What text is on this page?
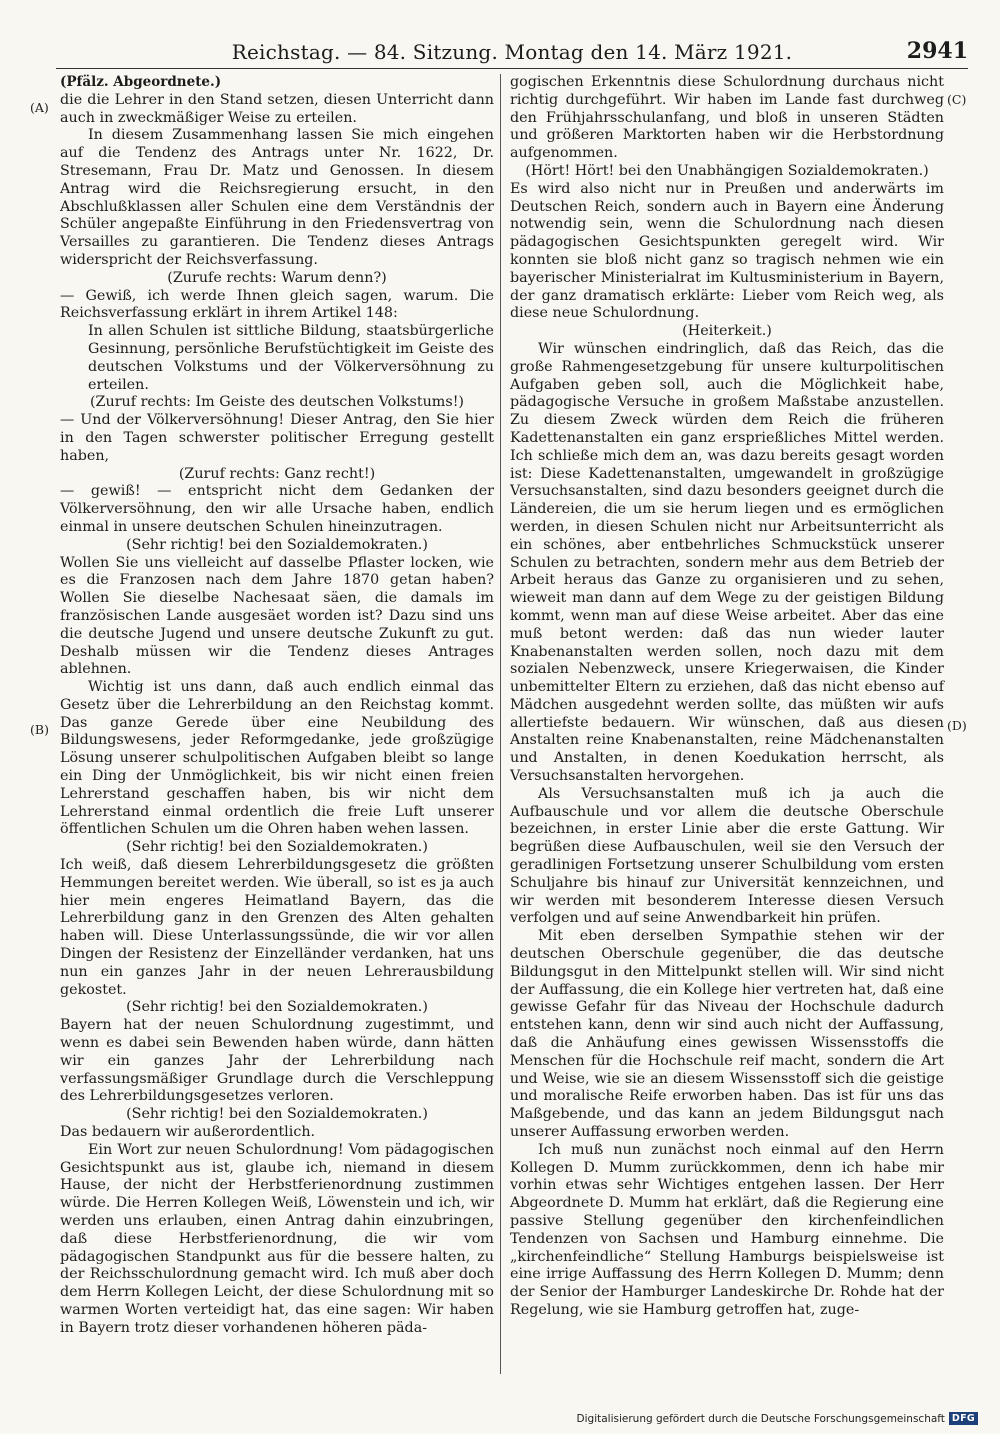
Reichstag. — 84. Sitzung. Montag den 14. März 1921.	2941
(A)
(B)
(C)
(D)

(Pfälz. Abgeordnete.)

die die Lehrer in den Stand setzen, diesen Unterricht dann auch in zweckmäßiger Weise zu erteilen.

In diesem Zusammenhang lassen Sie mich eingehen auf die Tendenz des Antrags unter Nr. 1622, Dr. Stresemann, Frau Dr. Matz und Genossen. In diesem Antrag wird die Reichsregierung ersucht, in den Abschlußklassen aller Schulen eine dem Verständnis der Schüler angepaßte Einführung in den Friedensvertrag von Versailles zu garantieren. Die Tendenz dieses Antrags widerspricht der Reichsverfassung.

(Zurufe rechts: Warum denn?)

— Gewiß, ich werde Ihnen gleich sagen, warum. Die Reichsverfassung erklärt in ihrem Artikel 148:

In allen Schulen ist sittliche Bildung, staatsbürgerliche Gesinnung, persönliche Berufstüchtigkeit im Geiste des deutschen Volkstums und der Völkerversöhnung zu erteilen.

(Zuruf rechts: Im Geiste des deutschen Volkstums!)

— Und der Völkerversöhnung! Dieser Antrag, den Sie hier in den Tagen schwerster politischer Erregung gestellt haben,

(Zuruf rechts: Ganz recht!)

— gewiß! — entspricht nicht dem Gedanken der Völkerversöhnung, den wir alle Ursache haben, endlich einmal in unsere deutschen Schulen hineinzutragen.

(Sehr richtig! bei den Sozialdemokraten.)

Wollen Sie uns vielleicht auf dasselbe Pflaster locken, wie es die Franzosen nach dem Jahre 1870 getan haben? Wollen Sie dieselbe Nachesaat säen, die damals im französischen Lande ausgesäet worden ist? Dazu sind uns die deutsche Jugend und unsere deutsche Zukunft zu gut. Deshalb müssen wir die Tendenz dieses Antrages ablehnen.

Wichtig ist uns dann, daß auch endlich einmal das Gesetz über die Lehrerbildung an den Reichstag kommt. Das ganze Gerede über eine Neubildung des Bildungswesens, jeder Reformgedanke, jede großzügige Lösung unserer schulpolitischen Aufgaben bleibt so lange ein Ding der Unmöglichkeit, bis wir nicht einen freien Lehrerstand geschaffen haben, bis wir nicht dem Lehrerstand einmal ordentlich die freie Luft unserer öffentlichen Schulen um die Ohren haben wehen lassen.

(Sehr richtig! bei den Sozialdemokraten.)

Ich weiß, daß diesem Lehrerbildungsgesetz die größten Hemmungen bereitet werden. Wie überall, so ist es ja auch hier mein engeres Heimatland Bayern, das die Lehrerbildung ganz in den Grenzen des Alten gehalten haben will. Diese Unterlassungssünde, die wir vor allen Dingen der Resistenz der Einzelländer verdanken, hat uns nun ein ganzes Jahr in der neuen Lehrerausbildung gekostet.

(Sehr richtig! bei den Sozialdemokraten.)

Bayern hat der neuen Schulordnung zugestimmt, und wenn es dabei sein Bewenden haben würde, dann hätten wir ein ganzes Jahr der Lehrerbildung nach verfassungsmäßiger Grundlage durch die Verschleppung des Lehrerbildungsgesetzes verloren.

(Sehr richtig! bei den Sozialdemokraten.)

Das bedauern wir außerordentlich.

Ein Wort zur neuen Schulordnung! Vom pädagogischen Gesichtspunkt aus ist, glaube ich, niemand in diesem Hause, der nicht der Herbstferienordnung zustimmen würde. Die Herren Kollegen Weiß, Löwenstein und ich, wir werden uns erlauben, einen Antrag dahin einzubringen, daß diese Herbstferienordnung, die wir vom pädagogischen Standpunkt aus für die bessere halten, zu der Reichsschulordnung gemacht wird. Ich muß aber doch dem Herrn Kollegen Leicht, der diese Schulordnung mit so warmen Worten verteidigt hat, das eine sagen: Wir haben in Bayern trotz dieser vorhandenen höheren päda-

gogischen Erkenntnis diese Schulordnung durchaus nicht richtig durchgeführt. Wir haben im Lande fast durchweg den Frühjahrsschulanfang, und bloß in unseren Städten und größeren Marktorten haben wir die Herbstordnung aufgenommen.

(Hört! Hört! bei den Unabhängigen Sozialdemokraten.)

Es wird also nicht nur in Preußen und anderwärts im Deutschen Reich, sondern auch in Bayern eine Änderung notwendig sein, wenn die Schulordnung nach diesen pädagogischen Gesichtspunkten geregelt wird. Wir konnten sie bloß nicht ganz so tragisch nehmen wie ein bayerischer Ministerialrat im Kultusministerium in Bayern, der ganz dramatisch erklärte: Lieber vom Reich weg, als diese neue Schulordnung.

(Heiterkeit.)

Wir wünschen eindringlich, daß das Reich, das die große Rahmengesetzgebung für unsere kulturpolitischen Aufgaben geben soll, auch die Möglichkeit habe, pädagogische Versuche in großem Maßstabe anzustellen. Zu diesem Zweck würden dem Reich die früheren Kadettenanstalten ein ganz ersprießliches Mittel werden. Ich schließe mich dem an, was dazu bereits gesagt worden ist: Diese Kadettenanstalten, umgewandelt in großzügige Versuchsanstalten, sind dazu besonders geeignet durch die Ländereien, die um sie herum liegen und es ermöglichen werden, in diesen Schulen nicht nur Arbeitsunterricht als ein schönes, aber entbehrliches Schmuckstück unserer Schulen zu betrachten, sondern mehr aus dem Betrieb der Arbeit heraus das Ganze zu organisieren und zu sehen, wieweit man dann auf dem Wege zu der geistigen Bildung kommt, wenn man auf diese Weise arbeitet. Aber das eine muß betont werden: daß das nun wieder lauter Knabenanstalten werden sollen, noch dazu mit dem sozialen Nebenzweck, unsere Kriegerwaisen, die Kinder unbemittelter Eltern zu erziehen, daß das nicht ebenso auf Mädchen ausgedehnt werden sollte, das müßten wir aufs allertiefste bedauern. Wir wünschen, daß aus diesen Anstalten reine Knabenanstalten, reine Mädchenanstalten und Anstalten, in denen Koedukation herrscht, als Versuchsanstalten hervorgehen.

Als Versuchsanstalten muß ich ja auch die Aufbauschule und vor allem die deutsche Oberschule bezeichnen, in erster Linie aber die erste Gattung. Wir begrüßen diese Aufbauschulen, weil sie den Versuch der geradlinigen Fortsetzung unserer Schulbildung vom ersten Schuljahre bis hinauf zur Universität kennzeichnen, und wir werden mit besonderem Interesse diesen Versuch verfolgen und auf seine Anwendbarkeit hin prüfen.

Mit eben derselben Sympathie stehen wir der deutschen Oberschule gegenüber, die das deutsche Bildungsgut in den Mittelpunkt stellen will. Wir sind nicht der Auffassung, die ein Kollege hier vertreten hat, daß eine gewisse Gefahr für das Niveau der Hochschule dadurch entstehen kann, denn wir sind auch nicht der Auffassung, daß die Anhäufung eines gewissen Wissensstoffs die Menschen für die Hochschule reif macht, sondern die Art und Weise, wie sie an diesem Wissensstoff sich die geistige und moralische Reife erworben haben. Das ist für uns das Maßgebende, und das kann an jedem Bildungsgut nach unserer Auffassung erworben werden.

Ich muß nun zunächst noch einmal auf den Herrn Kollegen D. Mumm zurückkommen, denn ich habe mir vorhin etwas sehr Wichtiges entgehen lassen. Der Herr Abgeordnete D. Mumm hat erklärt, daß die Regierung eine passive Stellung gegenüber den kirchenfeindlichen Tendenzen von Sachsen und Hamburg einnehme. Die „kirchenfeindliche“ Stellung Hamburgs beispielsweise ist eine irrige Auffassung des Herrn Kollegen D. Mumm; denn der Senior der Hamburger Landeskirche Dr. Rohde hat der Regelung, wie sie Hamburg getroffen hat, zuge-

Digitalisierung gefördert durch die Deutsche Forschungsgemeinschaft DFG
